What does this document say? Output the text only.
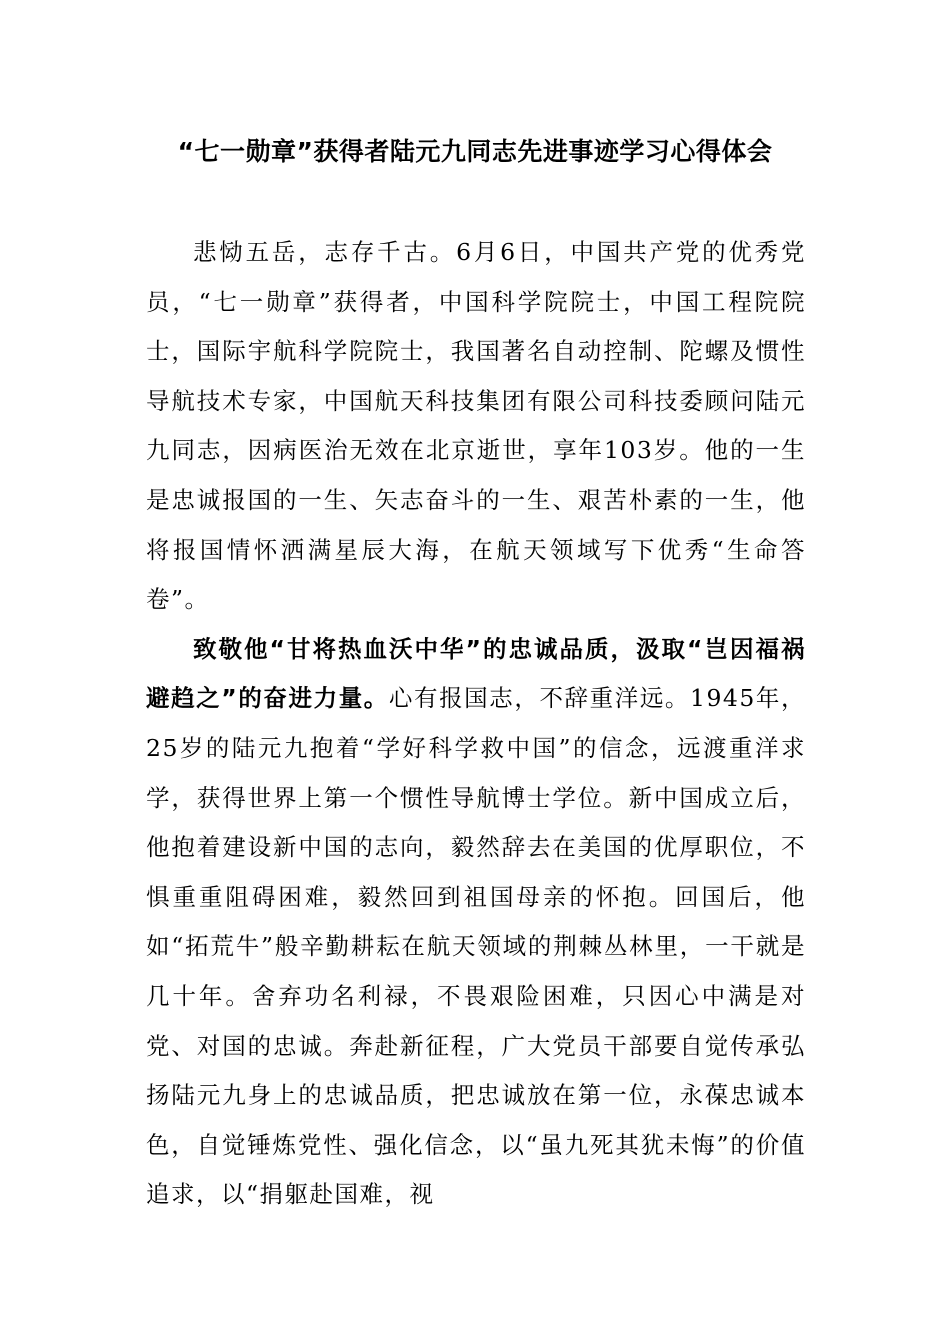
“七一勋章”获得者陆元九同志先进事迹学习心得体会

悲恸五岳，志存千古。6月6日，中国共产党的优秀党员，“七一勋章”获得者，中国科学院院士，中国工程院院士，国际宇航科学院院士，我国著名自动控制、陀螺及惯性导航技术专家，中国航天科技集团有限公司科技委顾问陆元九同志，因病医治无效在北京逝世，享年103岁。他的一生是忠诚报国的一生、矢志奋斗的一生、艰苦朴素的一生，他将报国情怀洒满星辰大海，在航天领域写下优秀“生命答卷”。

致敬他“甘将热血沃中华”的忠诚品质，汲取“岂因福祸避趋之”的奋进力量。心有报国志，不辞重洋远。1945年，25岁的陆元九抱着“学好科学救中国”的信念，远渡重洋求学，获得世界上第一个惯性导航博士学位。新中国成立后，他抱着建设新中国的志向，毅然辞去在美国的优厚职位，不惧重重阻碍困难，毅然回到祖国母亲的怀抱。回国后，他如“拓荒牛”般辛勤耕耘在航天领域的荆棘丛林里，一干就是几十年。舍弃功名利禄，不畏艰险困难，只因心中满是对党、对国的忠诚。奔赴新征程，广大党员干部要自觉传承弘扬陆元九身上的忠诚品质，把忠诚放在第一位，永葆忠诚本色，自觉锤炼党性、强化信念，以“虽九死其犹未悔”的价值追求，以“捐躯赴国难，视
